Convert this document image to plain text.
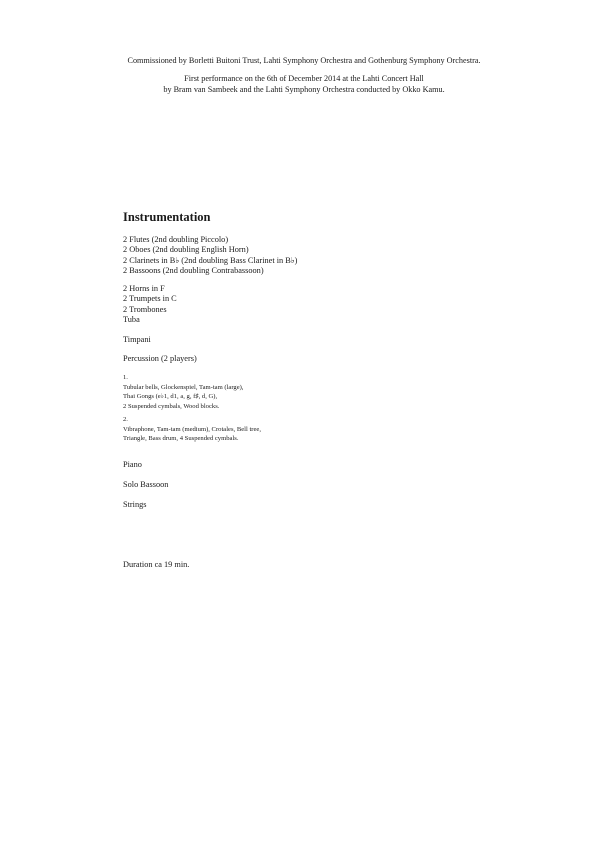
Commissioned by Borletti Buitoni Trust, Lahti Symphony Orchestra and Gothenburg Symphony Orchestra.
First performance on the 6th of December 2014 at the Lahti Concert Hall
by Bram van Sambeek and the Lahti Symphony Orchestra conducted by Okko Kamu.
Instrumentation
2 Flutes (2nd doubling Piccolo)
2 Oboes (2nd doubling English Horn)
2 Clarinets in B♭ (2nd doubling Bass Clarinet in B♭)
2 Bassoons (2nd doubling Contrabassoon)
2 Horns in F
2 Trumpets in C
2 Trombones
Tuba
Timpani
Percussion (2 players)
1.
Tubular bells, Glockenspiel, Tam-tam (large),
Thai Gongs (e♭1, d1, a, g, f♯, d, G),
2 Suspended cymbals, Wood blocks.
2.
Vibraphone, Tam-tam (medium), Crotales, Bell tree,
Triangle, Bass drum, 4 Suspended cymbals.
Piano
Solo Bassoon
Strings
Duration ca 19 min.
